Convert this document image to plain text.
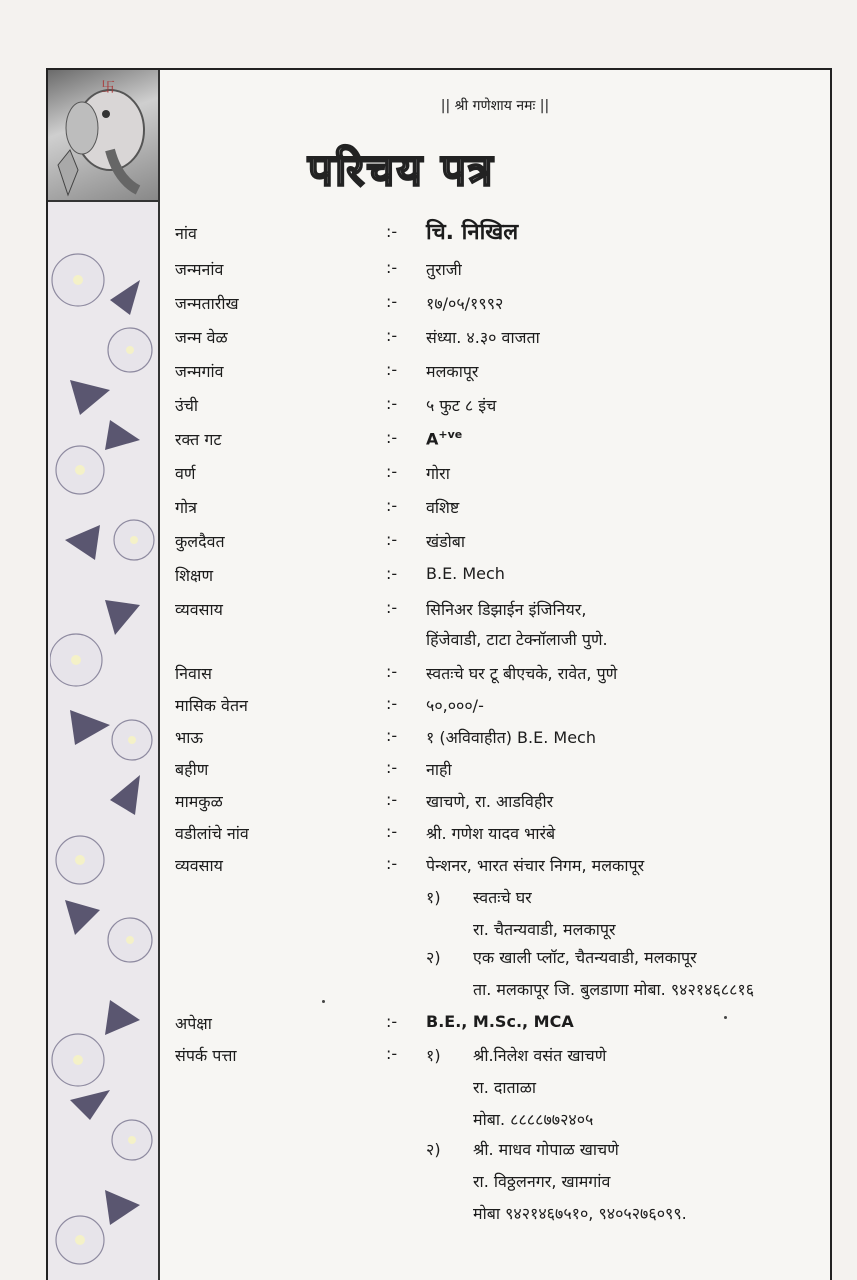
卐
|| श्री गणेशाय नमः ||
परिचय पत्र
नांव	:- चि. निखिल
जन्मनांव	:- तुराजी
जन्मतारीख	:- १७/०५/१९९२
जन्म वेळ	:- संध्या. ४.३० वाजता
जन्मगांव	:- मलकापूर
उंची	:- ५ फुट ८ इंच
रक्त गट	:- $A^{+ve}$
वर्ण	:- गोरा
गोत्र	:- वशिष्ट
कुलदैवत	:- खंडोबा
शिक्षण	:- B.E. Mech
व्यवसाय	:- सिनिअर डिझाईन इंजिनियर,
हिंजेवाडी, टाटा टेक्नॉलाजी पुणे.
निवास	:- स्वतःचे घर टू बीएचके, रावेत, पुणे
मासिक वेतन	:- ५०,०००/-
भाऊ	:- १ (अविवाहीत) B.E. Mech
बहीण	:- नाही
मामकुळ	:- खाचणे, रा. आडविहीर
वडीलांचे नांव	:- श्री. गणेश यादव भारंबे
व्यवसाय	:- पेन्शनर, भारत संचार निगम, मलकापूर
१) स्वतःचे घर
रा. चैतन्यवाडी, मलकापूर
२) एक खाली प्लॉट, चैतन्यवाडी, मलकापूर
ता. मलकापूर जि. बुलडाणा मोबा. ९४२१४६८८१६
अपेक्षा	:- B.E., M.Sc., MCA
संपर्क पत्ता	:- १) श्री.निलेश वसंत खाचणे
रा. दाताळा
मोबा. ८८८८७७२४०५
२) श्री. माधव गोपाळ खाचणे
रा. विठ्ठलनगर, खामगांव
मोबा ९४२१४६७५१०, ९४०५२७६०९९.
